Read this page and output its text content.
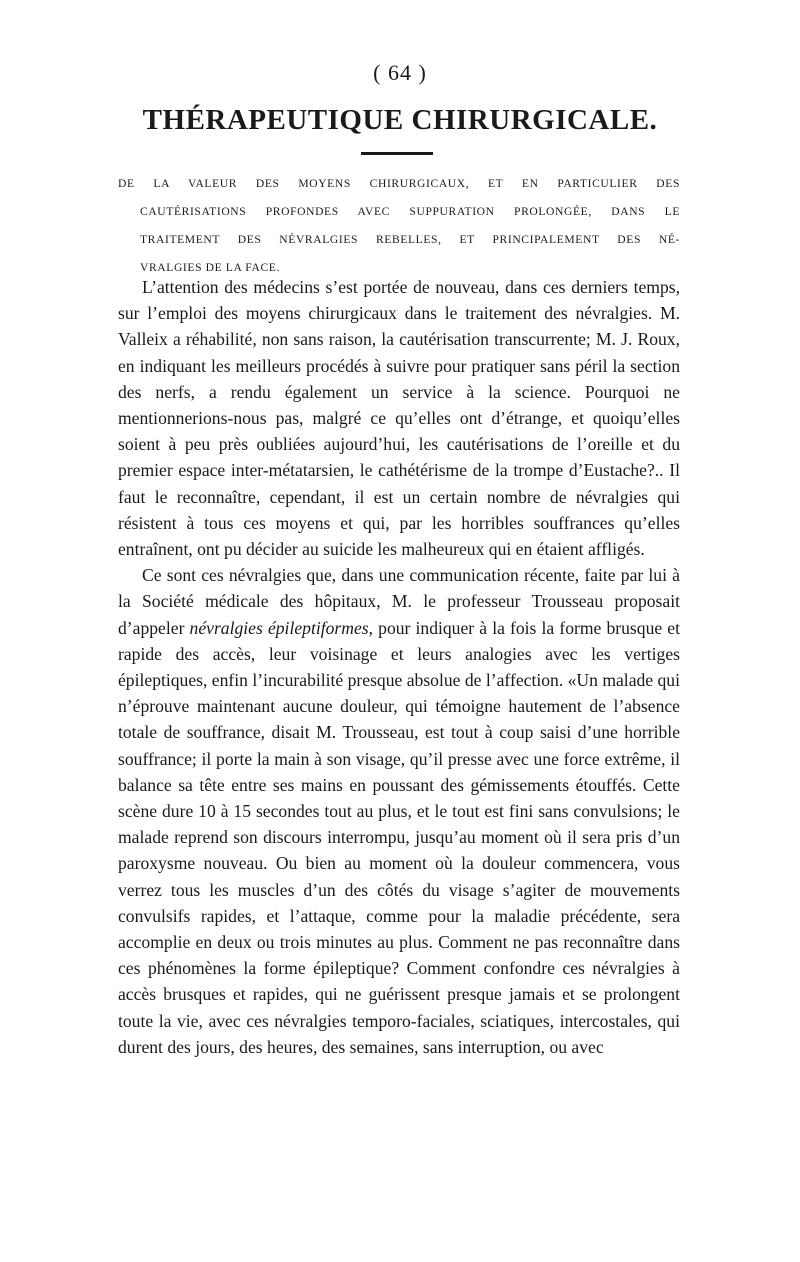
( 64 )
THÉRAPEUTIQUE CHIRURGICALE.
DE LA VALEUR DES MOYENS CHIRURGICAUX, ET EN PARTICULIER DES
CAUTÉRISATIONS PROFONDES AVEC SUPPURATION PROLONGÉE, DANS LE
TRAITEMENT DES NÉVRALGIES REBELLES, ET PRINCIPALEMENT DES NÉ-
VRALGIES DE LA FACE.

L’attention des médecins s’est portée de nouveau, dans ces derniers temps, sur l’emploi des moyens chirurgicaux dans le traitement des névralgies. M. Valleix a réhabilité, non sans raison, la cautérisation transcurrente; M. J. Roux, en indiquant les meilleurs procédés à suivre pour pratiquer sans péril la section des nerfs, a rendu également un service à la science. Pourquoi ne mentionnerions-nous pas, malgré ce qu’elles ont d’étrange, et quoiqu’elles soient à peu près oubliées aujourd’hui, les cautérisations de l’oreille et du premier espace inter-métatarsien, le cathétérisme de la trompe d’Eustache?.. Il faut le reconnaître, cependant, il est un certain nombre de névralgies qui résistent à tous ces moyens et qui, par les horribles souffrances qu’elles entraînent, ont pu décider au suicide les malheureux qui en étaient affligés.

Ce sont ces névralgies que, dans une communication récente, faite par lui à la Société médicale des hôpitaux, M. le professeur Trousseau proposait d’appeler névralgies épileptiformes, pour indiquer à la fois la forme brusque et rapide des accès, leur voisinage et leurs analogies avec les vertiges épileptiques, enfin l’incurabilité presque absolue de l’affection. «Un malade qui n’éprouve maintenant aucune douleur, qui témoigne hautement de l’absence totale de souffrance, disait M. Trousseau, est tout à coup saisi d’une horrible souffrance; il porte la main à son visage, qu’il presse avec une force extrême, il balance sa tête entre ses mains en poussant des gémissements étouffés. Cette scène dure 10 à 15 secondes tout au plus, et le tout est fini sans convulsions; le malade reprend son discours interrompu, jusqu’au moment où il sera pris d’un paroxysme nouveau. Ou bien au moment où la douleur commencera, vous verrez tous les muscles d’un des côtés du visage s’agiter de mouvements convulsifs rapides, et l’attaque, comme pour la maladie précédente, sera accomplie en deux ou trois minutes au plus. Comment ne pas reconnaître dans ces phénomènes la forme épileptique? Comment confondre ces névralgies à accès brusques et rapides, qui ne guérissent presque jamais et se prolongent toute la vie, avec ces névralgies temporo-faciales, sciatiques, intercostales, qui durent des jours, des heures, des semaines, sans interruption, ou avec
